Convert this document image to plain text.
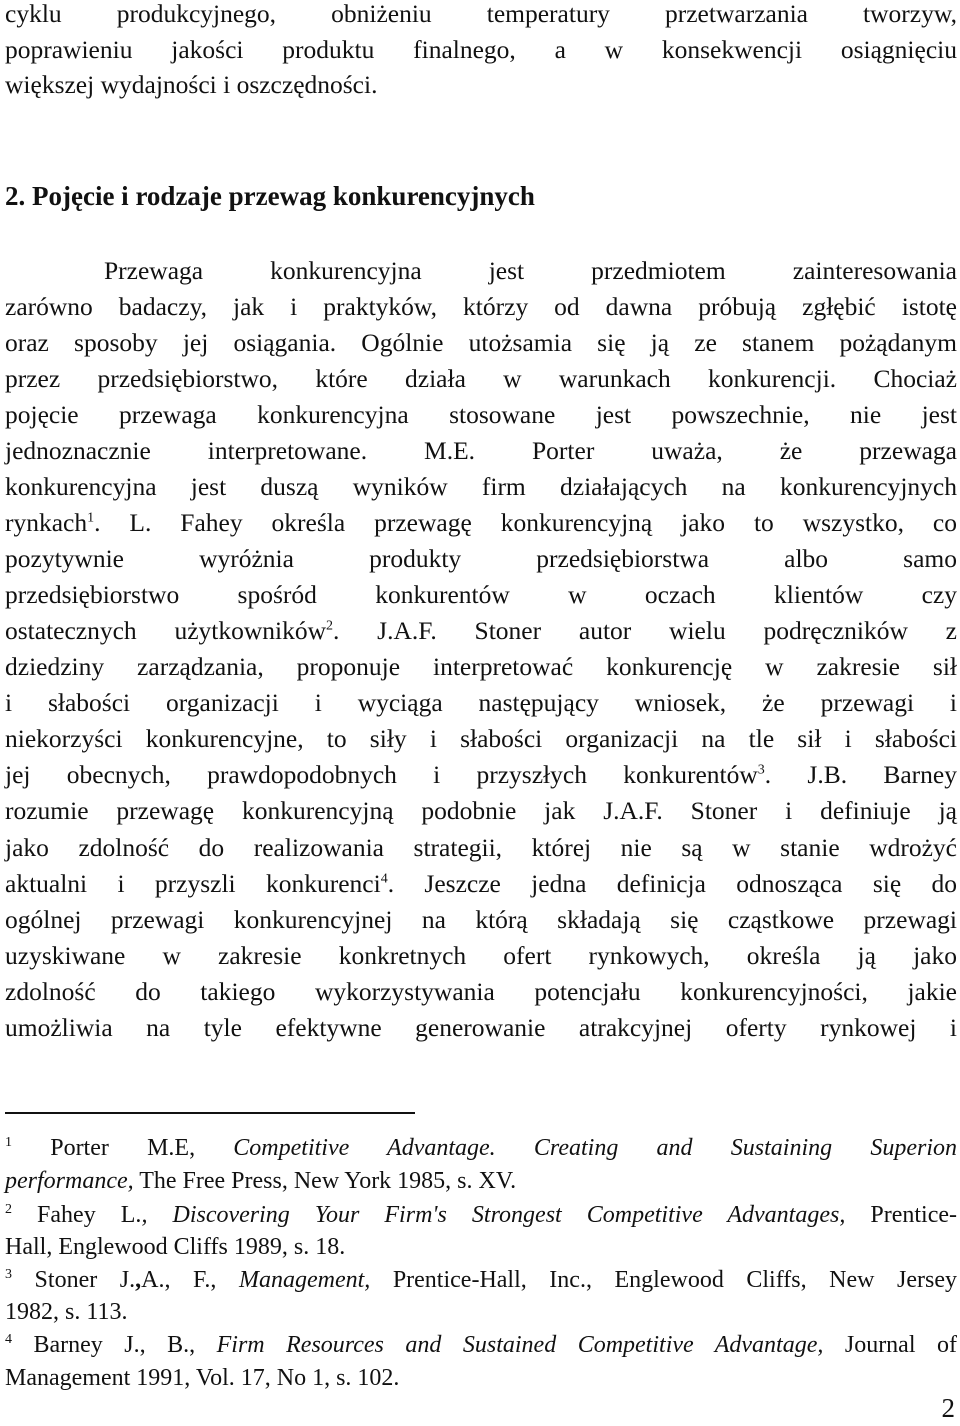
cyklu produkcyjnego, obniżeniu temperatury przetwarzania tworzyw,
poprawieniu jakości produktu finalnego, a w konsekwencji osiągnięciu
większej wydajności i oszczędności.
2. Pojęcie i rodzaje przewag konkurencyjnych
Przewaga konkurencyjna jest przedmiotem zainteresowania
zarówno badaczy, jak i praktyków, którzy od dawna próbują zgłębić istotę
oraz sposoby jej osiągania. Ogólnie utożsamia się ją ze stanem pożądanym
przez przedsiębiorstwo, które działa w warunkach konkurencji. Chociaż
pojęcie przewaga konkurencyjna stosowane jest powszechnie, nie jest
jednoznacznie interpretowane. M.E. Porter uważa, że przewaga
konkurencyjna jest duszą wyników firm działających na konkurencyjnych
rynkach$^1$. L. Fahey określa przewagę konkurencyjną jako to wszystko, co
pozytywnie wyróżnia produkty przedsiębiorstwa albo samo
przedsiębiorstwo spośród konkurentów w oczach klientów czy
ostatecznych użytkowników$^2$. J.A.F. Stoner autor wielu podręczników z
dziedziny zarządzania, proponuje interpretować konkurencję w zakresie sił
i słabości organizacji i wyciąga następujący wniosek, że przewagi i
niekorzyści konkurencyjne, to siły i słabości organizacji na tle sił i słabości
jej obecnych, prawdopodobnych i przyszłych konkurentów$^3$. J.B. Barney
rozumie przewagę konkurencyjną podobnie jak J.A.F. Stoner i definiuje ją
jako zdolność do realizowania strategii, której nie są w stanie wdrożyć
aktualni i przyszli konkurenci$^4$. Jeszcze jedna definicja odnosząca się do
ogólnej przewagi konkurencyjnej na którą składają się cząstkowe przewagi
uzyskiwane w zakresie konkretnych ofert rynkowych, określa ją jako
zdolność do takiego wykorzystywania potencjału konkurencyjności, jakie
umożliwia na tyle efektywne generowanie atrakcyjnej oferty rynkowej i
$^1$ Porter M.E, Competitive Advantage. Creating and Sustaining Superion
performance, The Free Press, New York 1985, s. XV.
$^2$ Fahey L., Discovering Your Firm's Strongest Competitive Advantages, Prentice-
Hall, Englewood Cliffs 1989, s. 18.
$^3$ Stoner J.,A., F., Management, Prentice-Hall, Inc., Englewood Cliffs, New Jersey
1982, s. 113.
$^4$ Barney J., B., Firm Resources and Sustained Competitive Advantage, Journal of
Management 1991, Vol. 17, No 1, s. 102.
2
